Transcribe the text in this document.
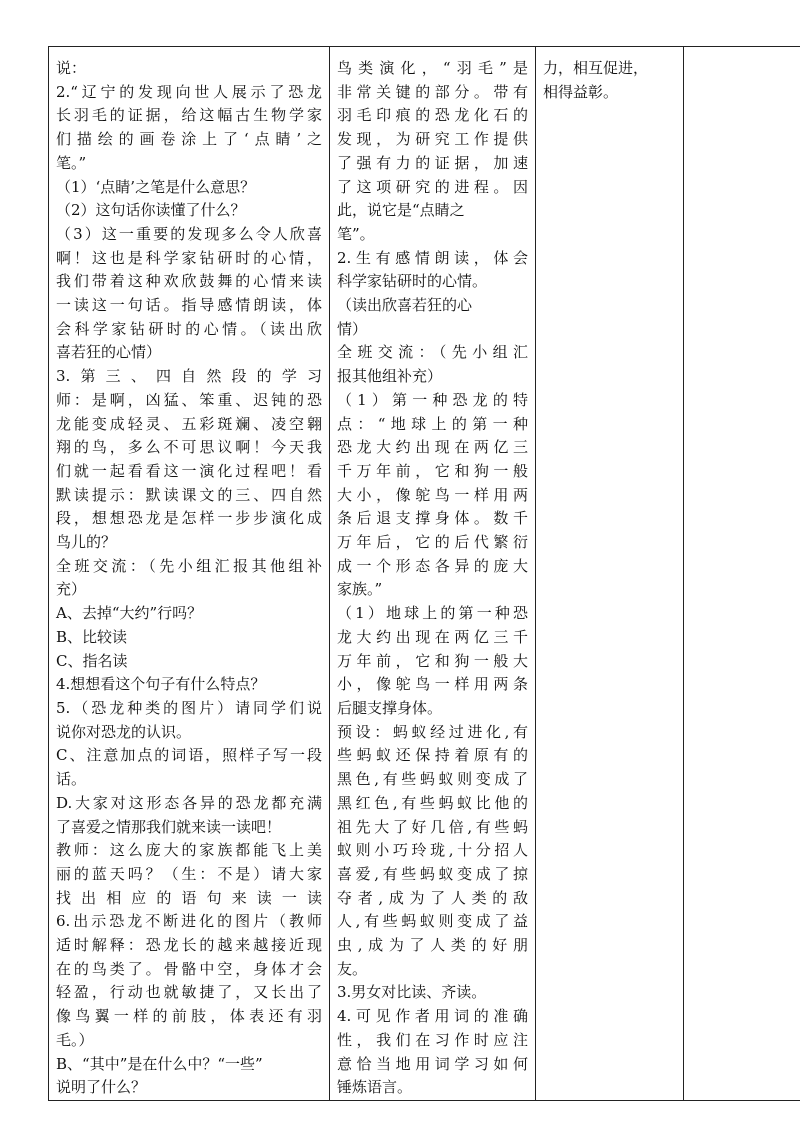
说：
2.“辽宁的发现向世人展示了恐龙
长羽毛的证据，给这幅古生物学家
们描绘的画卷涂上了‘点睛’之
笔。”
（1）‘点睛’之笔是什么意思？
（2）这句话你读懂了什么？
（3）这一重要的发现多么令人欣喜
啊！这也是科学家钻研时的心情，
我们带着这种欢欣鼓舞的心情来读
一读这一句话。指导感情朗读，体
会科学家钻研时的心情。（读出欣
喜若狂的心情）
3.第三、四自然段的学习
师：是啊，凶猛、笨重、迟钝的恐
龙能变成轻灵、五彩斑斓、凌空翱
翔的鸟，多么不可思议啊！今天我
们就一起看看这一演化过程吧！看
默读提示：默读课文的三、四自然
段，想想恐龙是怎样一步步演化成
鸟儿的？
全班交流：（先小组汇报其他组补
充）
A、去掉“大约”行吗？
B、比较读
C、指名读
4.想想看这个句子有什么特点？
5.（恐龙种类的图片）请同学们说
说你对恐龙的认识。
C、注意加点的词语，照样子写一段
话。
D.大家对这形态各异的恐龙都充满
了喜爱之情那我们就来读一读吧！
教师：这么庞大的家族都能飞上美
丽的蓝天吗？（生：不是）请大家
找出相应的语句来读一读
6.出示恐龙不断进化的图片（教师
适时解释：恐龙长的越来越接近现
在的鸟类了。骨骼中空，身体才会
轻盈，行动也就敏捷了，又长出了
像鸟翼一样的前肢，体表还有羽
毛。）
B、“其中”是在什么中？“一些”
说明了什么？

鸟类演化，“羽毛”是
非常关键的部分。带有
羽毛印痕的恐龙化石的
发现，为研究工作提供
了强有力的证据，加速
了这项研究的进程。因
此，说它是“点睛之
笔”。
2.生有感情朗读，体会
科学家钻研时的心情。
（读出欣喜若狂的心
情）
全班交流：（先小组汇
报其他组补充）
（1）第一种恐龙的特
点：“地球上的第一种
恐龙大约出现在两亿三
千万年前，它和狗一般
大小，像鸵鸟一样用两
条后退支撑身体。数千
万年后，它的后代繁衍
成一个形态各异的庞大
家族。”
（1）地球上的第一种恐
龙大约出现在两亿三千
万年前，它和狗一般大
小，像鸵鸟一样用两条
后腿支撑身体。
预设：蚂蚁经过进化,有
些蚂蚁还保持着原有的
黑色,有些蚂蚁则变成了
黑红色,有些蚂蚁比他的
祖先大了好几倍,有些蚂
蚁则小巧玲珑,十分招人
喜爱,有些蚂蚁变成了掠
夺者,成为了人类的敌
人,有些蚂蚁则变成了益
虫,成为了人类的好朋
友。
3.男女对比读、齐读。
4.可见作者用词的准确
性，我们在习作时应注
意恰当地用词学习如何
锤炼语言。

力，相互促进，
相得益彰。
